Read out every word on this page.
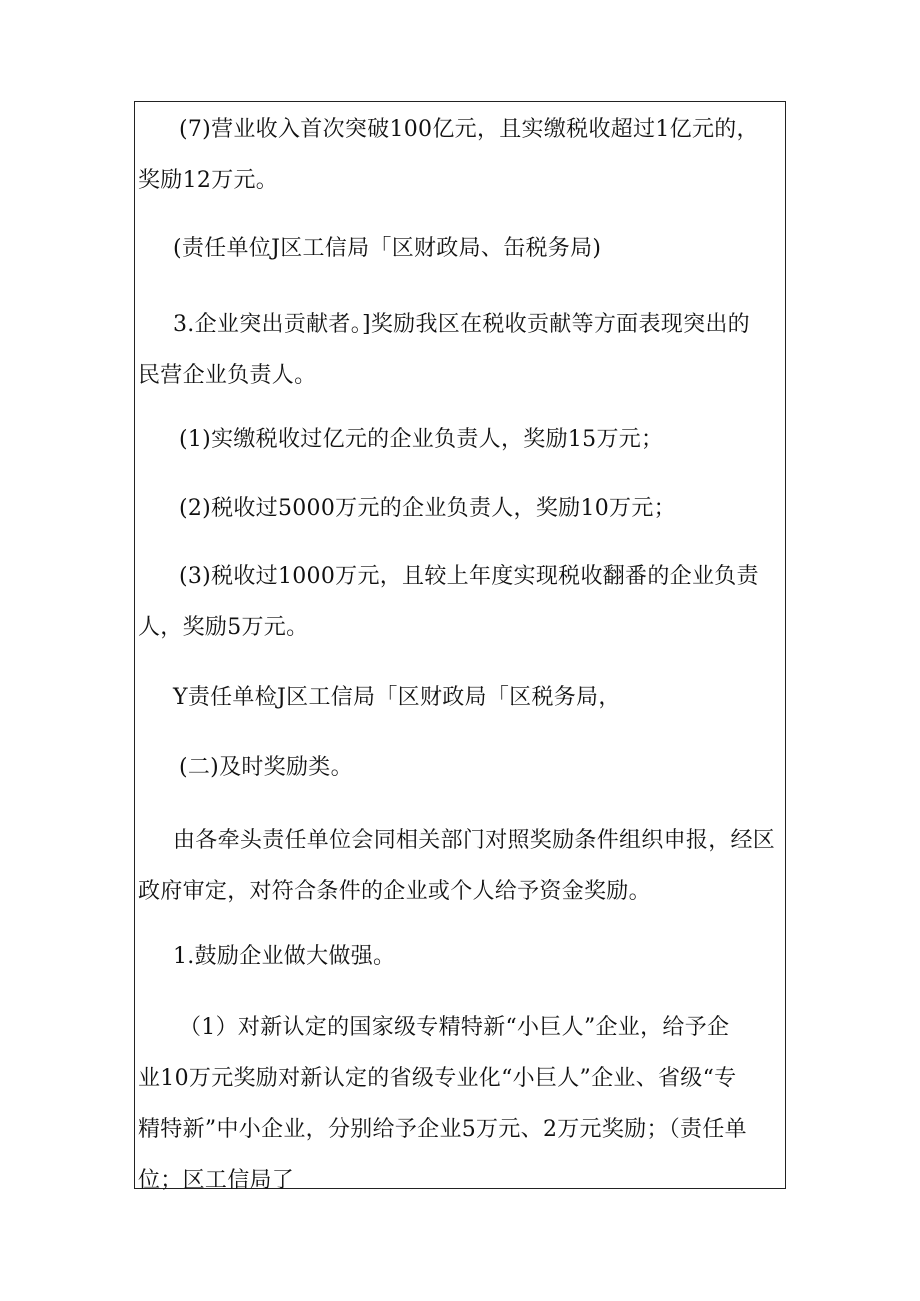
(7)营业收入首次突破100亿元，且实缴税收超过1亿元的，
奖励12万元。
(责任单位J区工信局「区财政局、缶税务局)
3.企业突出贡献者。]奖励我区在税收贡献等方面表现突出的
民营企业负责人。
(1)实缴税收过亿元的企业负责人，奖励15万元；
(2)税收过5000万元的企业负责人，奖励10万元；
(3)税收过1000万元，且较上年度实现税收翻番的企业负责
人，奖励5万元。
Y责任单检J区工信局「区财政局「区税务局，
(二)及时奖励类。
由各牵头责任单位会同相关部门对照奖励条件组织申报，经区
政府审定，对符合条件的企业或个人给予资金奖励。
1.鼓励企业做大做强。
（1）对新认定的国家级专精特新“小巨人”企业，给予企
业10万元奖励对新认定的省级专业化“小巨人”企业、省级“专
精特新”中小企业，分别给予企业5万元、2万元奖励；（责任单
位；区工信局了
